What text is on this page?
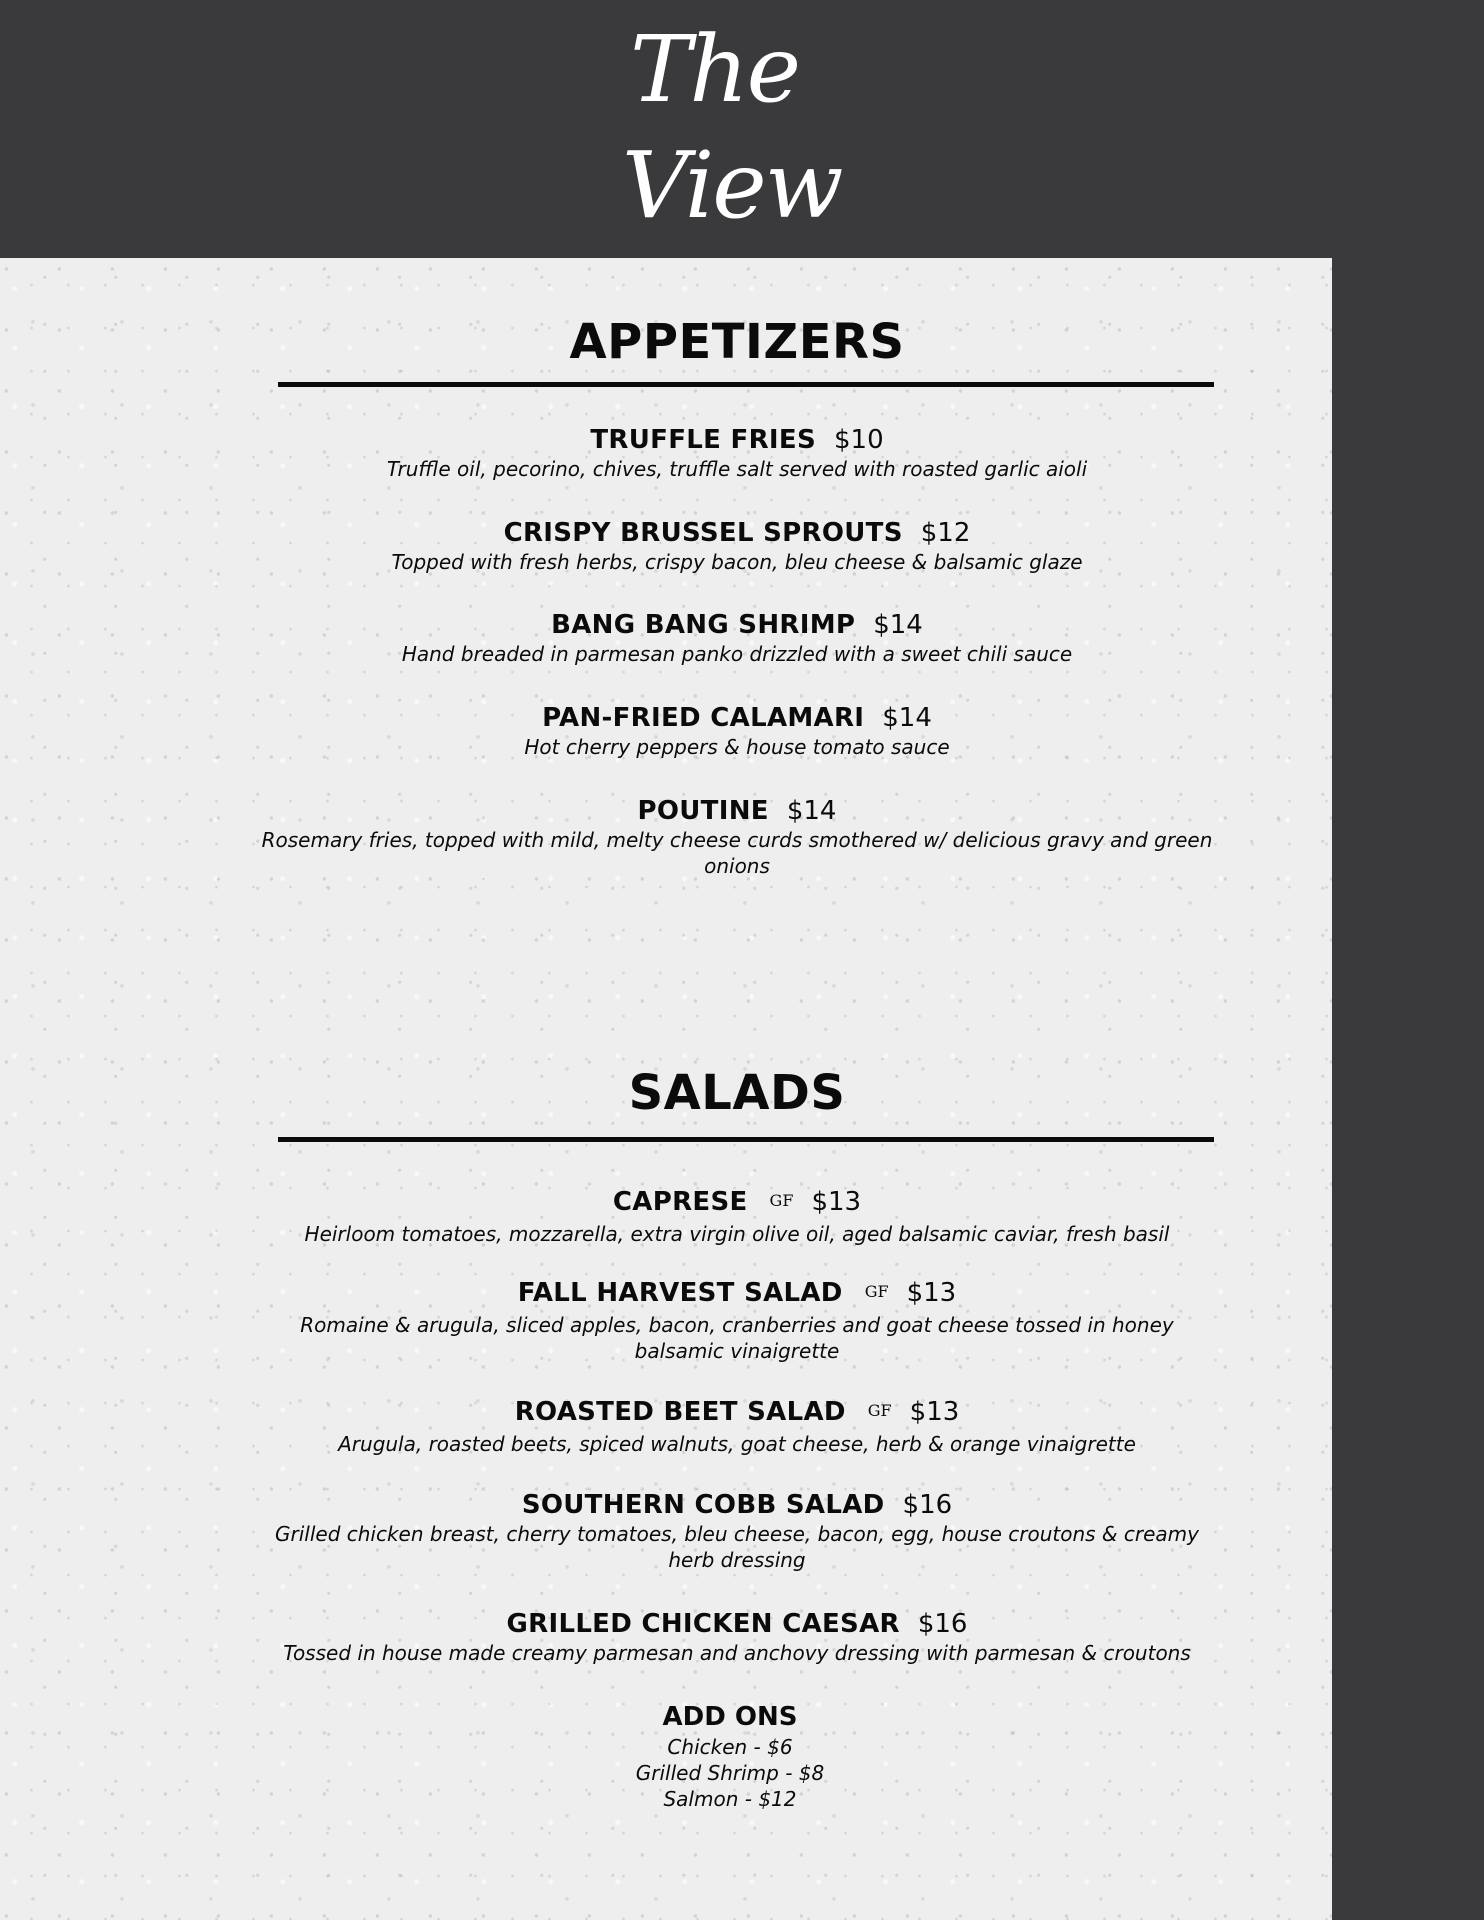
The
View
APPETIZERS
TRUFFLE FRIES $10
Truffle oil, pecorino, chives, truffle salt served with roasted garlic aioli
CRISPY BRUSSEL SPROUTS $12
Topped with fresh herbs, crispy bacon, bleu cheese & balsamic glaze
BANG BANG SHRIMP $14
Hand breaded in parmesan panko drizzled with a sweet chili sauce
PAN-FRIED CALAMARI $14
Hot cherry peppers & house tomato sauce
POUTINE $14
Rosemary fries, topped with mild, melty cheese curds smothered w/ delicious gravy and green onions
SALADS
CAPRESE GF $13
Heirloom tomatoes, mozzarella, extra virgin olive oil, aged balsamic caviar, fresh basil
FALL HARVEST SALAD GF $13
Romaine & arugula, sliced apples, bacon, cranberries and goat cheese tossed in honey balsamic vinaigrette
ROASTED BEET SALAD GF $13
Arugula, roasted beets, spiced walnuts, goat cheese, herb & orange vinaigrette
SOUTHERN COBB SALAD $16
Grilled chicken breast, cherry tomatoes, bleu cheese, bacon, egg, house croutons & creamy herb dressing
GRILLED CHICKEN CAESAR $16
Tossed in house made creamy parmesan and anchovy dressing with parmesan & croutons
ADD ONS
Chicken - $6
Grilled Shrimp - $8
Salmon - $12
